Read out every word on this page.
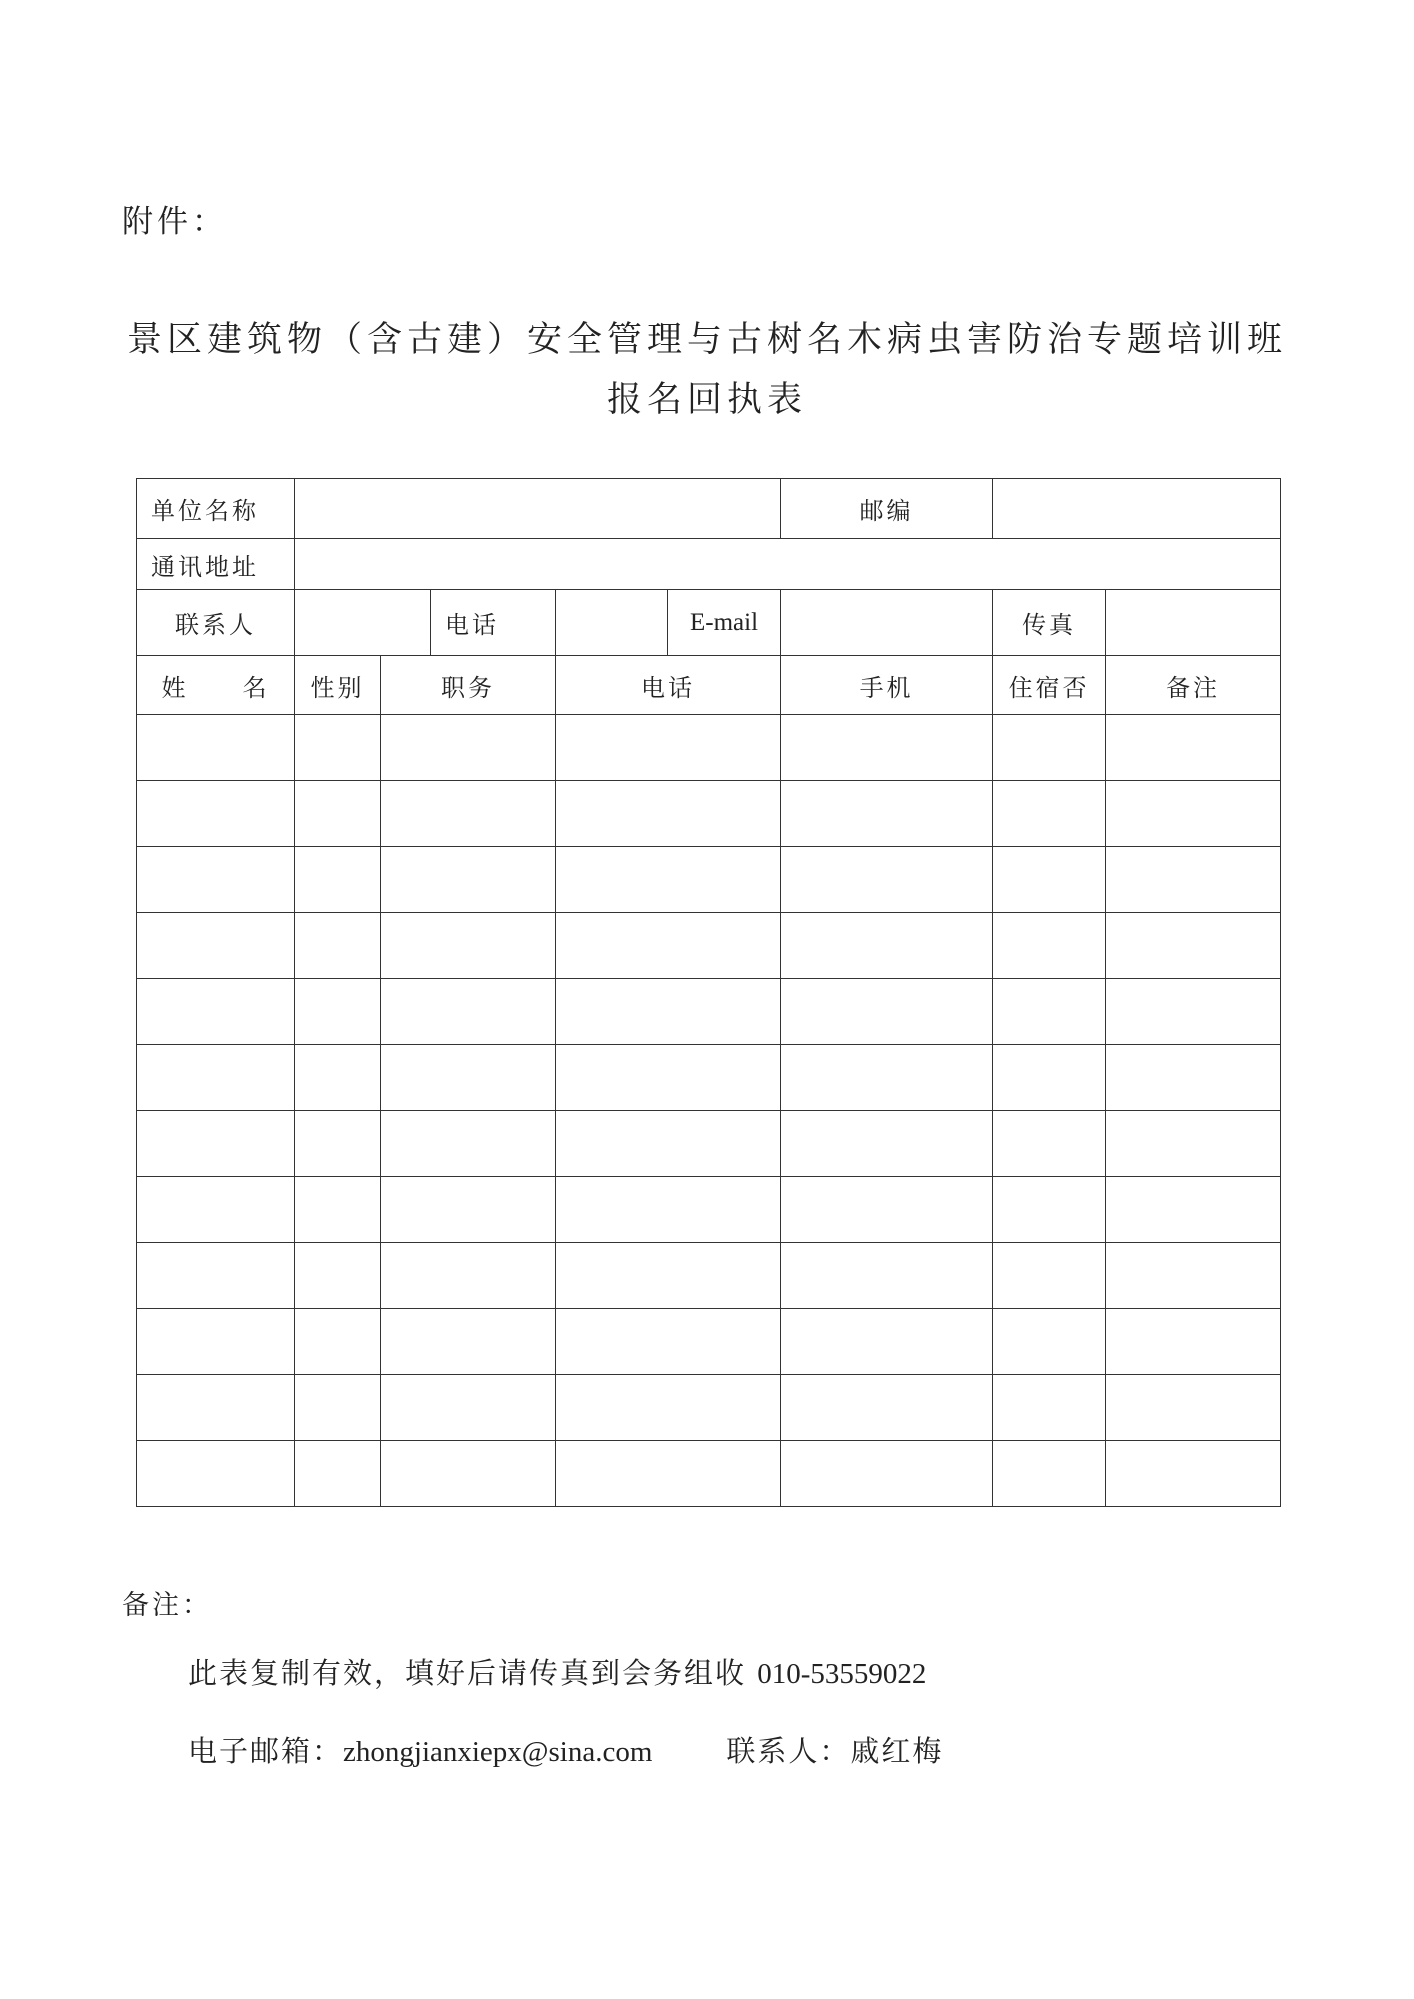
附件：
景区建筑物（含古建）安全管理与古树名木病虫害防治专题培训班
报名回执表
单位名称						邮编		
通讯地址								
联系人			电话		E-mail		传真	
姓　　名	性别	职务		电话		手机	住宿否	备注

备注：
此表复制有效，填好后请传真到会务组收 010-53559022
电子邮箱：zhongjianxiepx@sina.com	联系人：戚红梅
